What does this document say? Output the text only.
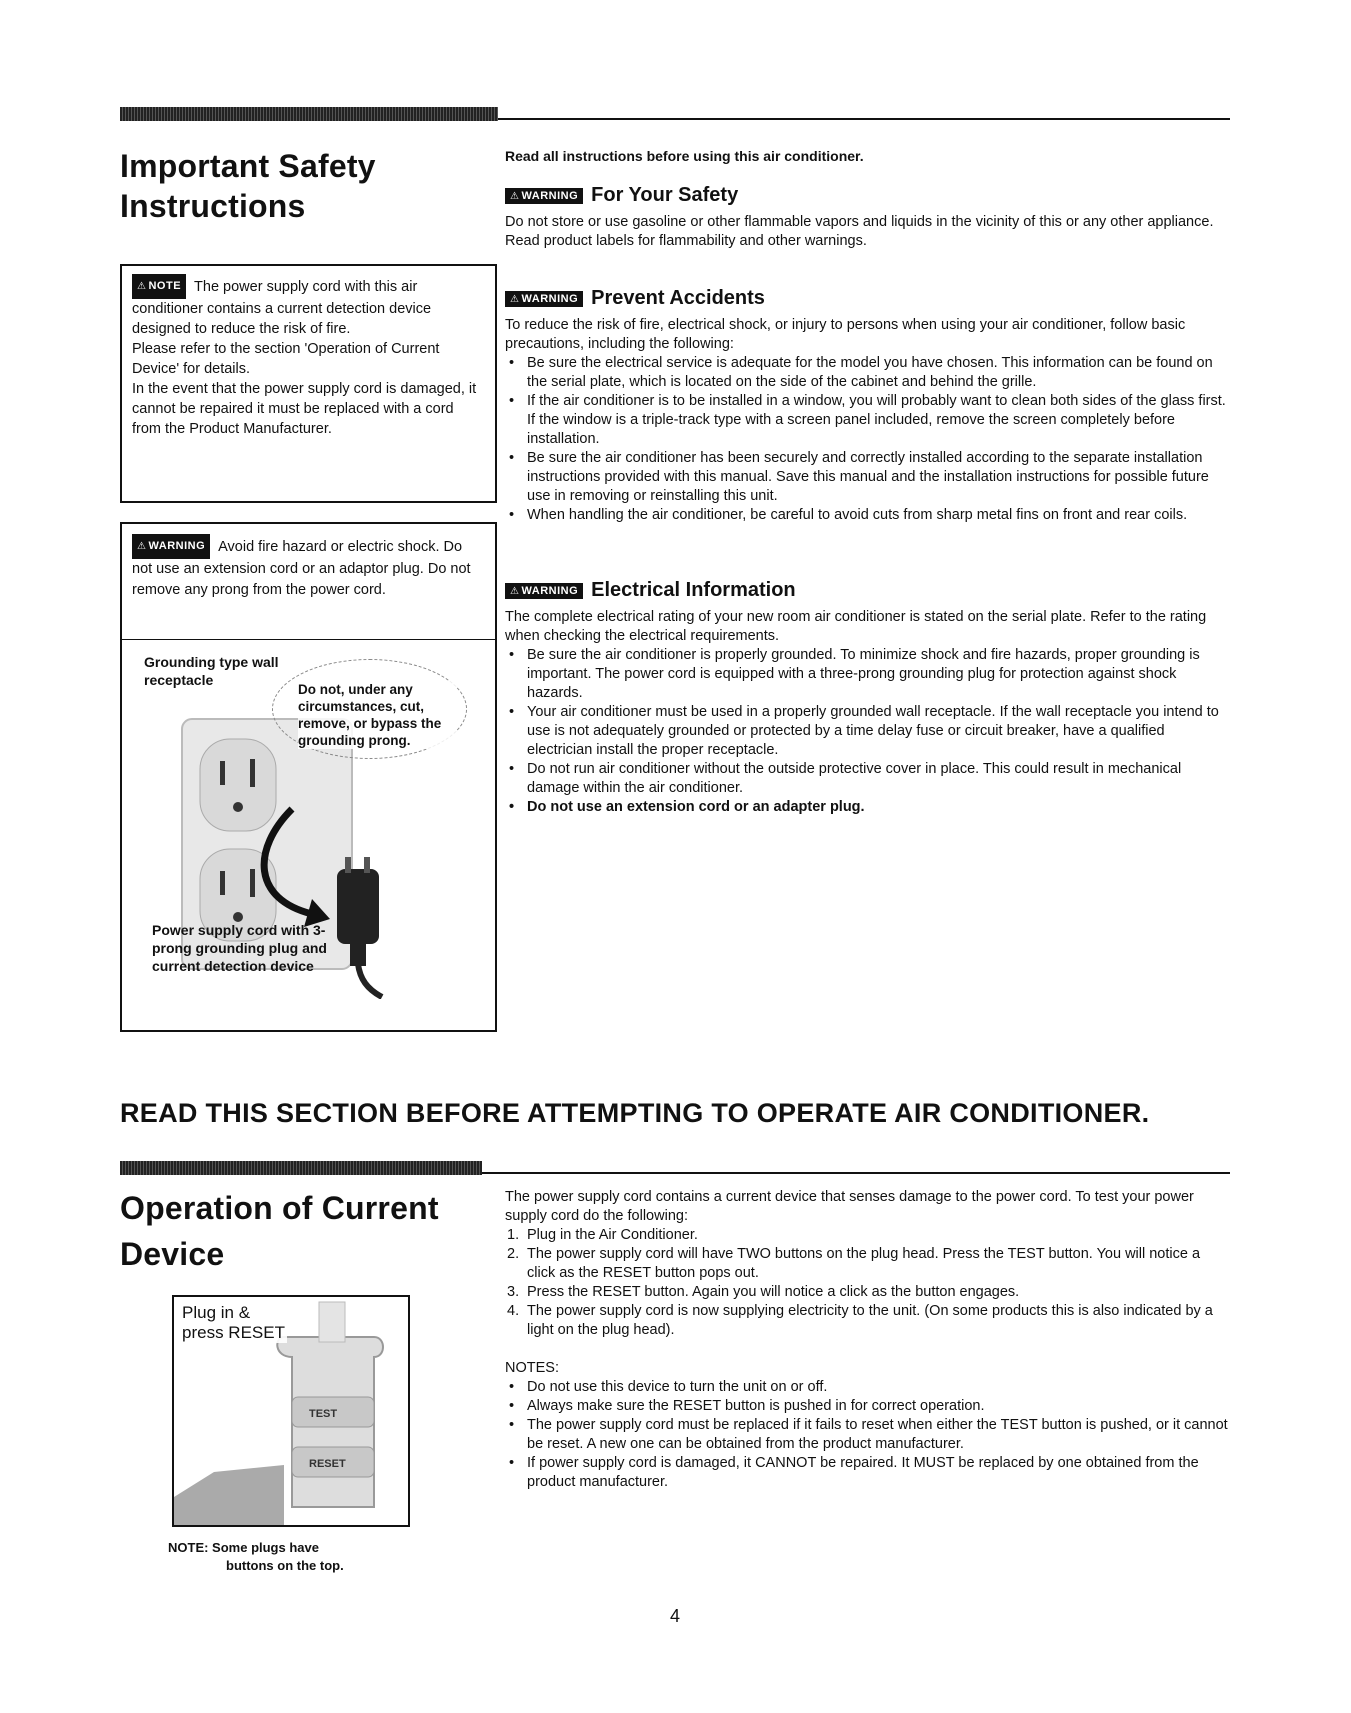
Important Safety
Instructions

⚠ NOTE The power supply cord with this air conditioner contains a current detection device designed to reduce the risk of fire.
Please refer to the section 'Operation of Current Device' for details.
In the event that the power supply cord is damaged, it cannot be repaired it must be replaced with a cord from the Product Manufacturer.

⚠ WARNING Avoid fire hazard or electric shock. Do not use an extension cord or an adaptor plug. Do not remove any prong from the power cord.

Grounding type wall receptacle
Do not, under any circumstances, cut, remove, or bypass the grounding prong.
Power supply cord with 3-prong grounding plug and current detection device
Read all instructions before using this air conditioner.
⚠ WARNING For Your Safety

Do not store or use gasoline or other flammable vapors and liquids in the vicinity of this or any other appliance. Read product labels for flammability and other warnings.

⚠ WARNING Prevent Accidents

To reduce the risk of fire, electrical shock, or injury to persons when using your air conditioner, follow basic precautions, including the following:

• Be sure the electrical service is adequate for the model you have chosen. This information can be found on the serial plate, which is located on the side of the cabinet and behind the grille.
• If the air conditioner is to be installed in a window, you will probably want to clean both sides of the glass first. If the window is a triple-track type with a screen panel included, remove the screen completely before installation.
• Be sure the air conditioner has been securely and correctly installed according to the separate installation instructions provided with this manual. Save this manual and the installation instructions for possible future use in removing or reinstalling this unit.
• When handling the air conditioner, be careful to avoid cuts from sharp metal fins on front and rear coils.
⚠ WARNING Electrical Information

The complete electrical rating of your new room air conditioner is stated on the serial plate. Refer to the rating when checking the electrical requirements.

• Be sure the air conditioner is properly grounded. To minimize shock and fire hazards, proper grounding is important. The power cord is equipped with a three-prong grounding plug for protection against shock hazards.
• Your air conditioner must be used in a properly grounded wall receptacle. If the wall receptacle you intend to use is not adequately grounded or protected by a time delay fuse or circuit breaker, have a qualified electrician install the proper receptacle.
• Do not run air conditioner without the outside protective cover in place. This could result in mechanical damage within the air conditioner.
• Do not use an extension cord or an adapter plug.
READ THIS SECTION BEFORE ATTEMPTING TO OPERATE AIR CONDITIONER.
Operation of Current
Device
TEST
RESET
Plug in &
press RESET
NOTE: Some plugs have
buttons on the top.

The power supply cord contains a current device that senses damage to the power cord. To test your power supply cord do the following:

1. Plug in the Air Conditioner.
2. The power supply cord will have TWO buttons on the plug head. Press the TEST button. You will notice a click as the RESET button pops out.
3. Press the RESET button. Again you will notice a click as the button engages.
4. The power supply cord is now supplying electricity to the unit. (On some products this is also indicated by a light on the plug head).
NOTES:
• Do not use this device to turn the unit on or off.
• Always make sure the RESET button is pushed in for correct operation.
• The power supply cord must be replaced if it fails to reset when either the TEST button is pushed, or it cannot be reset. A new one can be obtained from the product manufacturer.
• If power supply cord is damaged, it CANNOT be repaired. It MUST be replaced by one obtained from the product manufacturer.
4
